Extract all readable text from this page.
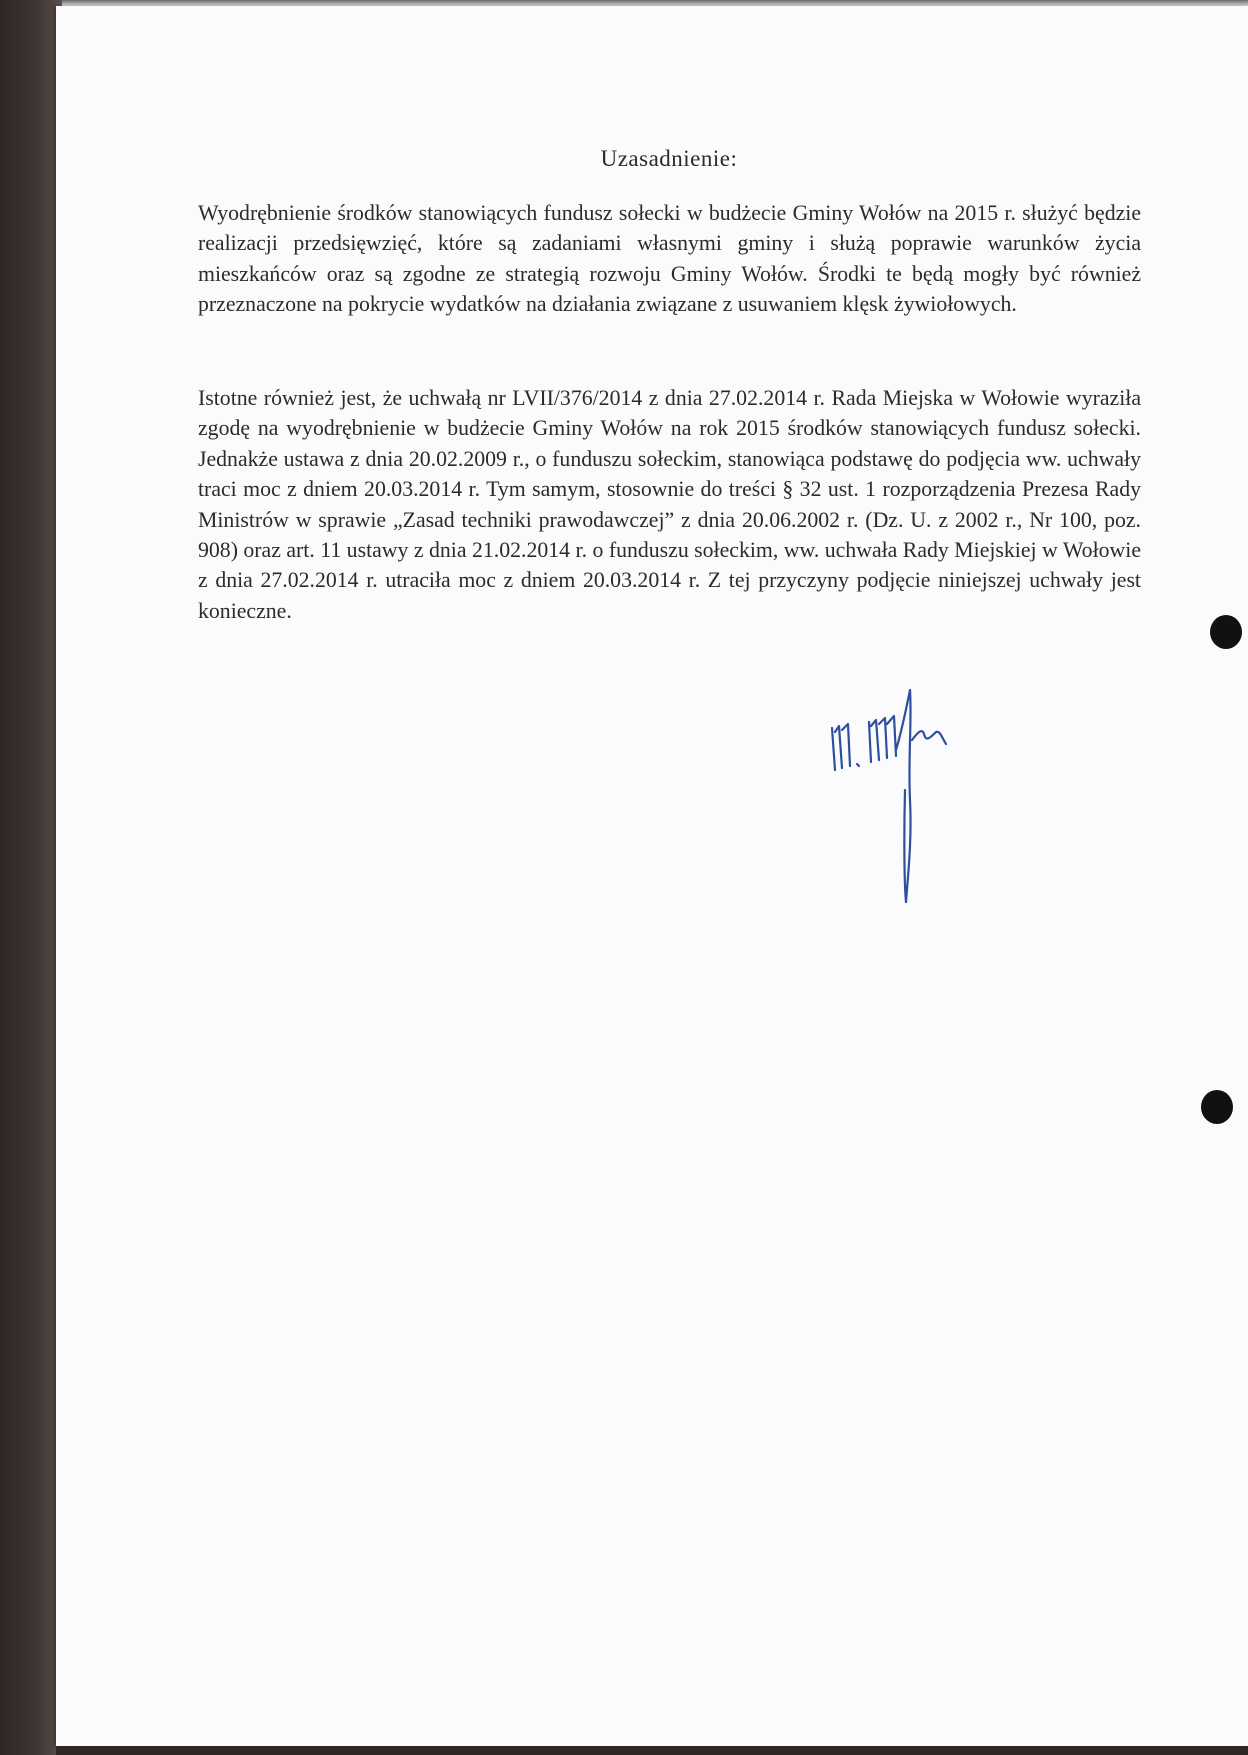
Uzasadnienie:

Wyodrębnienie środków stanowiących fundusz sołecki w budżecie Gminy Wołów na 2015 r. służyć będzie realizacji przedsięwzięć, które są zadaniami własnymi gminy i służą poprawie warunków życia mieszkańców oraz są zgodne ze strategią rozwoju Gminy Wołów. Środki te będą mogły być również przeznaczone na pokrycie wydatków na działania związane z usuwaniem klęsk żywiołowych.

Istotne również jest, że uchwałą nr LVII/376/2014 z dnia 27.02.2014 r. Rada Miejska w Wołowie wyraziła zgodę na wyodrębnienie w budżecie Gminy Wołów na rok 2015 środków stanowiących fundusz sołecki. Jednakże ustawa z dnia 20.02.2009 r., o funduszu sołeckim, stanowiąca podstawę do podjęcia ww. uchwały traci moc z dniem 20.03.2014 r. Tym samym, stosownie do treści § 32 ust. 1 rozporządzenia Prezesa Rady Ministrów w sprawie „Zasad techniki prawodawczej” z dnia 20.06.2002 r. (Dz. U. z 2002 r., Nr 100, poz. 908) oraz art. 11 ustawy z dnia 21.02.2014 r. o funduszu sołeckim, ww. uchwała Rady Miejskiej w Wołowie z dnia 27.02.2014 r. utraciła moc z dniem 20.03.2014 r. Z tej przyczyny podjęcie niniejszej uchwały jest konieczne.
